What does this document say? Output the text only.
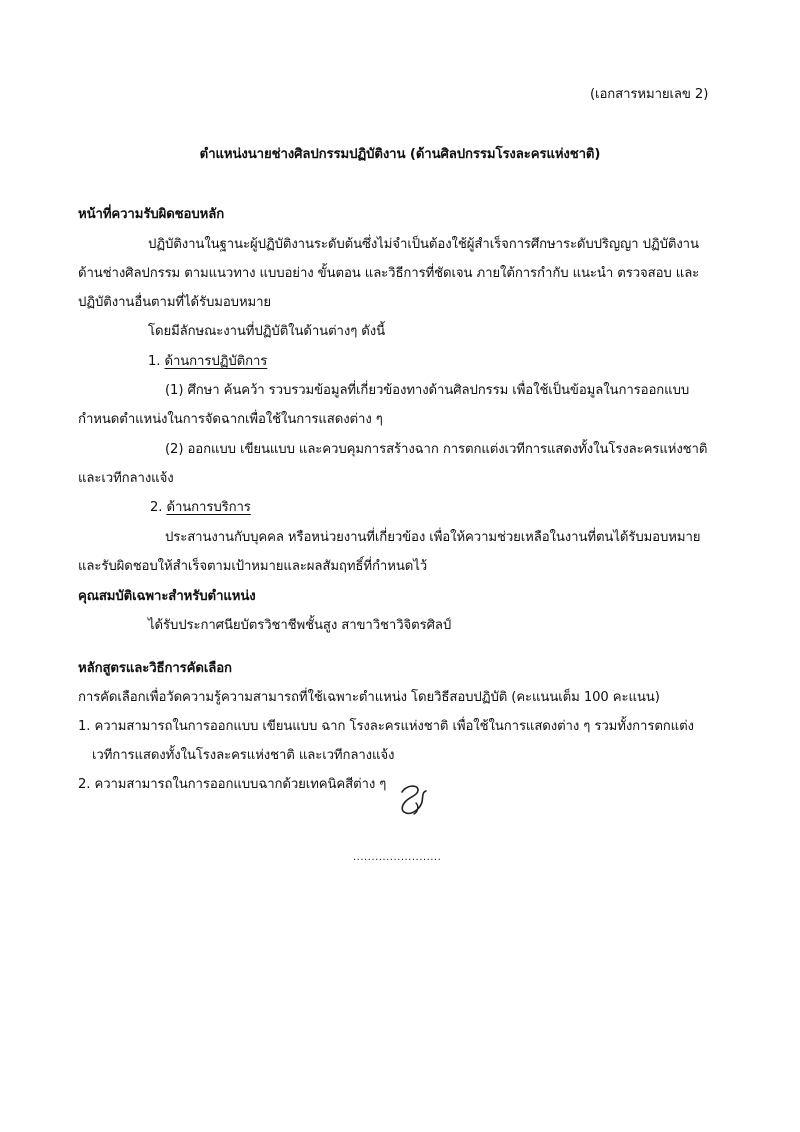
(เอกสารหมายเลข 2)
ตำแหน่งนายช่างศิลปกรรมปฏิบัติงาน (ด้านศิลปกรรมโรงละครแห่งชาติ)
หน้าที่ความรับผิดชอบหลัก
ปฏิบัติงานในฐานะผู้ปฏิบัติงานระดับต้นซึ่งไม่จำเป็นต้องใช้ผู้สำเร็จการศึกษาระดับปริญญา ปฏิบัติงาน
ด้านช่างศิลปกรรม ตามแนวทาง แบบอย่าง ขั้นตอน และวิธีการที่ชัดเจน ภายใต้การกำกับ แนะนำ ตรวจสอบ และ
ปฏิบัติงานอื่นตามที่ได้รับมอบหมาย
โดยมีลักษณะงานที่ปฏิบัติในด้านต่างๆ ดังนี้
1. ด้านการปฏิบัติการ
(1) ศึกษา ค้นคว้า รวบรวมข้อมูลที่เกี่ยวข้องทางด้านศิลปกรรม เพื่อใช้เป็นข้อมูลในการออกแบบ
กำหนดตำแหน่งในการจัดฉากเพื่อใช้ในการแสดงต่าง ๆ
(2) ออกแบบ เขียนแบบ และควบคุมการสร้างฉาก การตกแต่งเวทีการแสดงทั้งในโรงละครแห่งชาติ
และเวทีกลางแจ้ง
2. ด้านการบริการ
ประสานงานกับบุคคล หรือหน่วยงานที่เกี่ยวข้อง เพื่อให้ความช่วยเหลือในงานที่ตนได้รับมอบหมาย
และรับผิดชอบให้สำเร็จตามเป้าหมายและผลสัมฤทธิ์ที่กำหนดไว้
คุณสมบัติเฉพาะสำหรับตำแหน่ง
ได้รับประกาศนียบัตรวิชาชีพชั้นสูง สาขาวิชาวิจิตรศิลป์
หลักสูตรและวิธีการคัดเลือก
การคัดเลือกเพื่อวัดความรู้ความสามารถที่ใช้เฉพาะตำแหน่ง โดยวิธีสอบปฏิบัติ (คะแนนเต็ม 100 คะแนน)
1. ความสามารถในการออกแบบ เขียนแบบ ฉาก โรงละครแห่งชาติ เพื่อใช้ในการแสดงต่าง ๆ รวมทั้งการตกแต่ง
เวทีการแสดงทั้งในโรงละครแห่งชาติ และเวทีกลางแจ้ง
2. ความสามารถในการออกแบบฉากด้วยเทคนิคสีต่าง ๆ
........................
